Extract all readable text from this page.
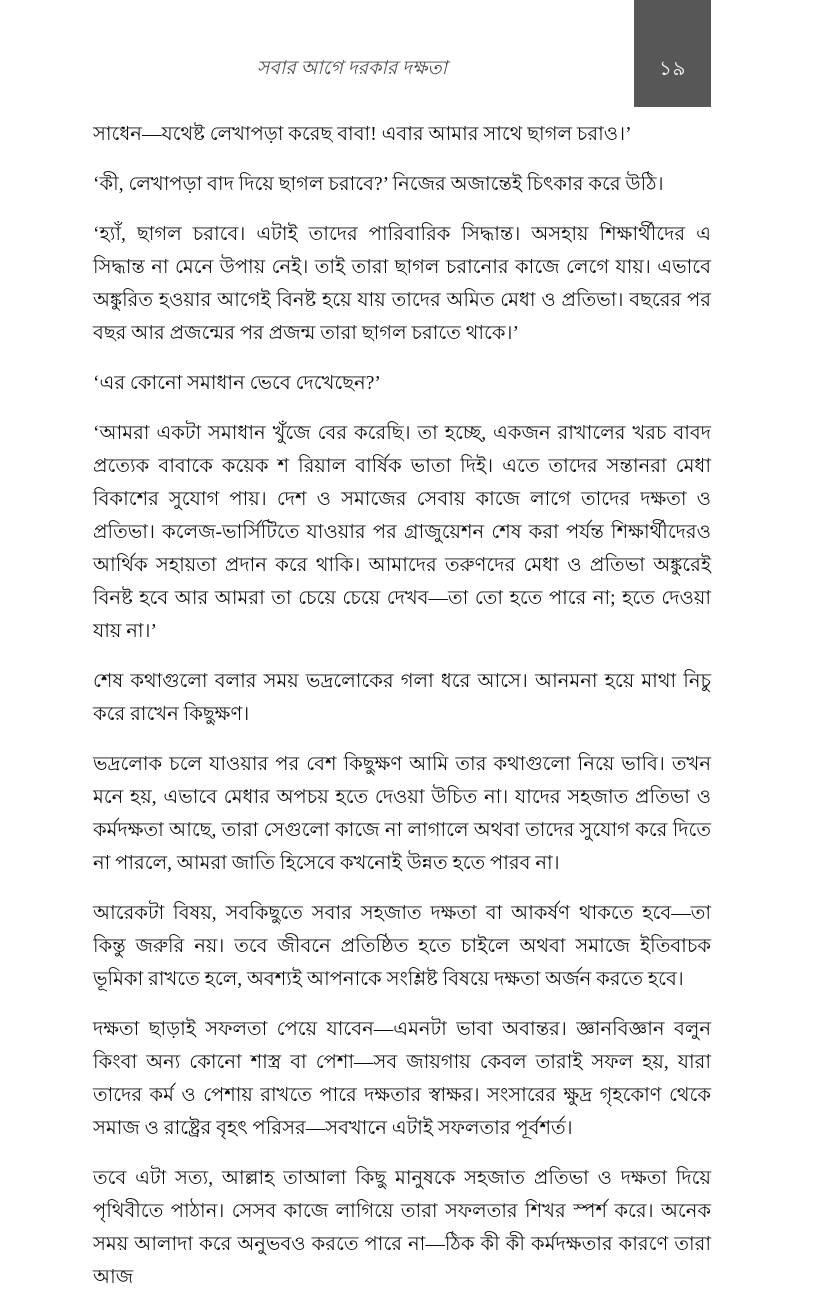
সবার আগে দরকার দক্ষতা	১৯

সাধেন—যথেষ্ট লেখাপড়া করেছ বাবা! এবার আমার সাথে ছাগল চরাও।’

‘কী, লেখাপড়া বাদ দিয়ে ছাগল চরাবে?’ নিজের অজান্তেই চিৎকার করে উঠি।

‘হ্যাঁ, ছাগল চরাবে। এটাই তাদের পারিবারিক সিদ্ধান্ত। অসহায় শিক্ষার্থীদের এ সিদ্ধান্ত না মেনে উপায় নেই। তাই তারা ছাগল চরানোর কাজে লেগে যায়। এভাবে অঙ্কুরিত হওয়ার আগেই বিনষ্ট হয়ে যায় তাদের অমিত মেধা ও প্রতিভা। বছরের পর বছর আর প্রজন্মের পর প্রজন্ম তারা ছাগল চরাতে থাকে।’

‘এর কোনো সমাধান ভেবে দেখেছেন?’

‘আমরা একটা সমাধান খুঁজে বের করেছি। তা হচ্ছে, একজন রাখালের খরচ বাবদ প্রত্যেক বাবাকে কয়েক শ রিয়াল বার্ষিক ভাতা দিই। এতে তাদের সন্তানরা মেধা বিকাশের সুযোগ পায়। দেশ ও সমাজের সেবায় কাজে লাগে তাদের দক্ষতা ও প্রতিভা। কলেজ-ভার্সিটিতে যাওয়ার পর গ্রাজুয়েশন শেষ করা পর্যন্ত শিক্ষার্থীদেরও আর্থিক সহায়তা প্রদান করে থাকি। আমাদের তরুণদের মেধা ও প্রতিভা অঙ্কুরেই বিনষ্ট হবে আর আমরা তা চেয়ে চেয়ে দেখব—তা তো হতে পারে না; হতে দেওয়া যায় না।’

শেষ কথাগুলো বলার সময় ভদ্রলোকের গলা ধরে আসে। আনমনা হয়ে মাথা নিচু করে রাখেন কিছুক্ষণ।

ভদ্রলোক চলে যাওয়ার পর বেশ কিছুক্ষণ আমি তার কথাগুলো নিয়ে ভাবি। তখন মনে হয়, এভাবে মেধার অপচয় হতে দেওয়া উচিত না। যাদের সহজাত প্রতিভা ও কর্মদক্ষতা আছে, তারা সেগুলো কাজে না লাগালে অথবা তাদের সুযোগ করে দিতে না পারলে, আমরা জাতি হিসেবে কখনোই উন্নত হতে পারব না।

আরেকটা বিষয়, সবকিছুতে সবার সহজাত দক্ষতা বা আকর্ষণ থাকতে হবে—তা কিন্তু জরুরি নয়। তবে জীবনে প্রতিষ্ঠিত হতে চাইলে অথবা সমাজে ইতিবাচক ভূমিকা রাখতে হলে, অবশ্যই আপনাকে সংশ্লিষ্ট বিষয়ে দক্ষতা অর্জন করতে হবে।

দক্ষতা ছাড়াই সফলতা পেয়ে যাবেন—এমনটা ভাবা অবান্তর। জ্ঞানবিজ্ঞান বলুন কিংবা অন্য কোনো শাস্ত্র বা পেশা—সব জায়গায় কেবল তারাই সফল হয়, যারা তাদের কর্ম ও পেশায় রাখতে পারে দক্ষতার স্বাক্ষর। সংসারের ক্ষুদ্র গৃহকোণ থেকে সমাজ ও রাষ্ট্রের বৃহৎ পরিসর—সবখানে এটাই সফলতার পূর্বশর্ত।

তবে এটা সত্য, আল্লাহ তাআলা কিছু মানুষকে সহজাত প্রতিভা ও দক্ষতা দিয়ে পৃথিবীতে পাঠান। সেসব কাজে লাগিয়ে তারা সফলতার শিখর স্পর্শ করে। অনেক সময় আলাদা করে অনুভবও করতে পারে না—ঠিক কী কী কর্মদক্ষতার কারণে তারা আজ
